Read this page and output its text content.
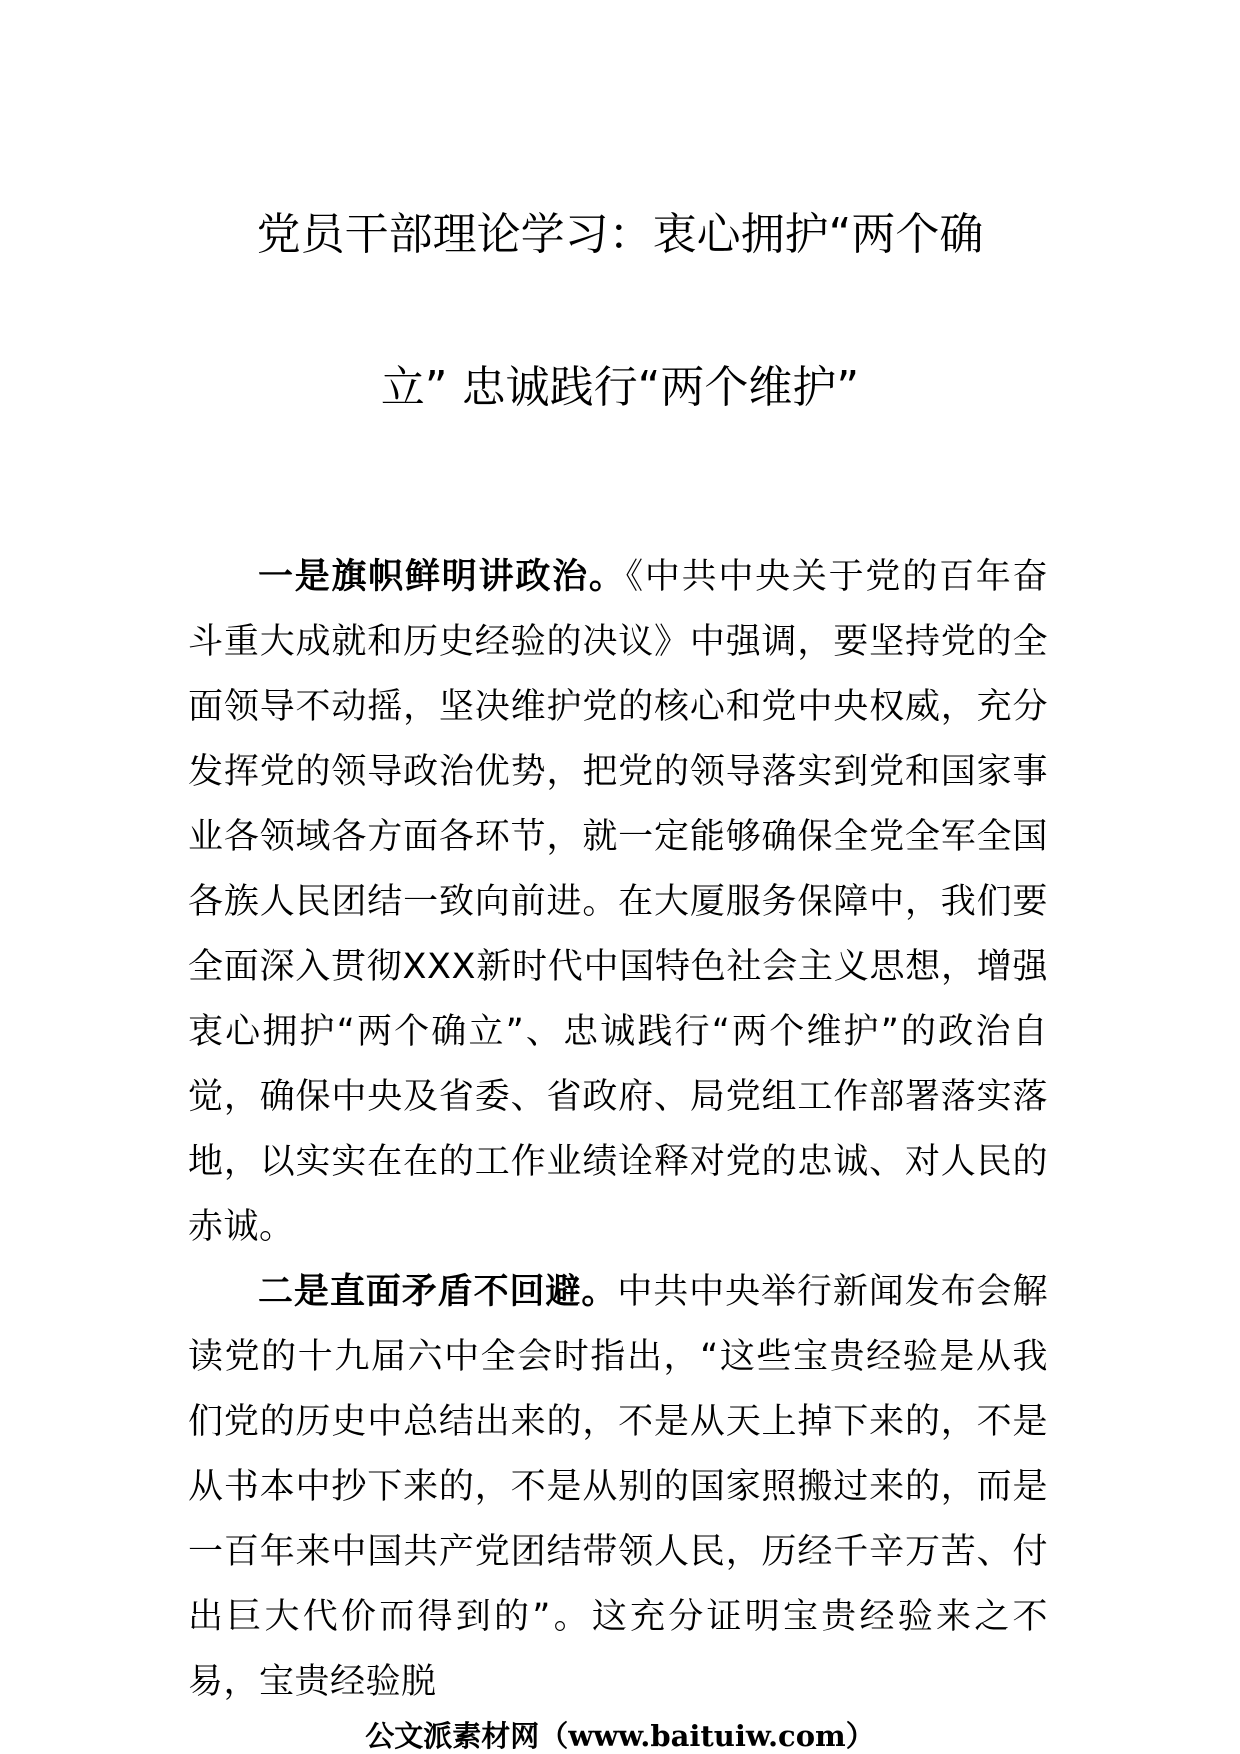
党员干部理论学习：衷心拥护“两个确
立” 忠诚践行“两个维护”

一是旗帜鲜明讲政治。《中共中央关于党的百年奋斗重大成就和历史经验的决议》中强调，要坚持党的全面领导不动摇，坚决维护党的核心和党中央权威，充分发挥党的领导政治优势，把党的领导落实到党和国家事业各领域各方面各环节，就一定能够确保全党全军全国各族人民团结一致向前进。在大厦服务保障中，我们要全面深入贯彻XXX新时代中国特色社会主义思想，增强衷心拥护“两个确立”、忠诚践行“两个维护”的政治自觉，确保中央及省委、省政府、局党组工作部署落实落地，以实实在在的工作业绩诠释对党的忠诚、对人民的赤诚。

二是直面矛盾不回避。中共中央举行新闻发布会解读党的十九届六中全会时指出，“这些宝贵经验是从我们党的历史中总结出来的，不是从天上掉下来的，不是从书本中抄下来的，不是从别的国家照搬过来的，而是一百年来中国共产党团结带领人民，历经千辛万苦、付出巨大代价而得到的”。这充分证明宝贵经验来之不易，宝贵经验脱

公文派素材网（www.baituiw.com）
